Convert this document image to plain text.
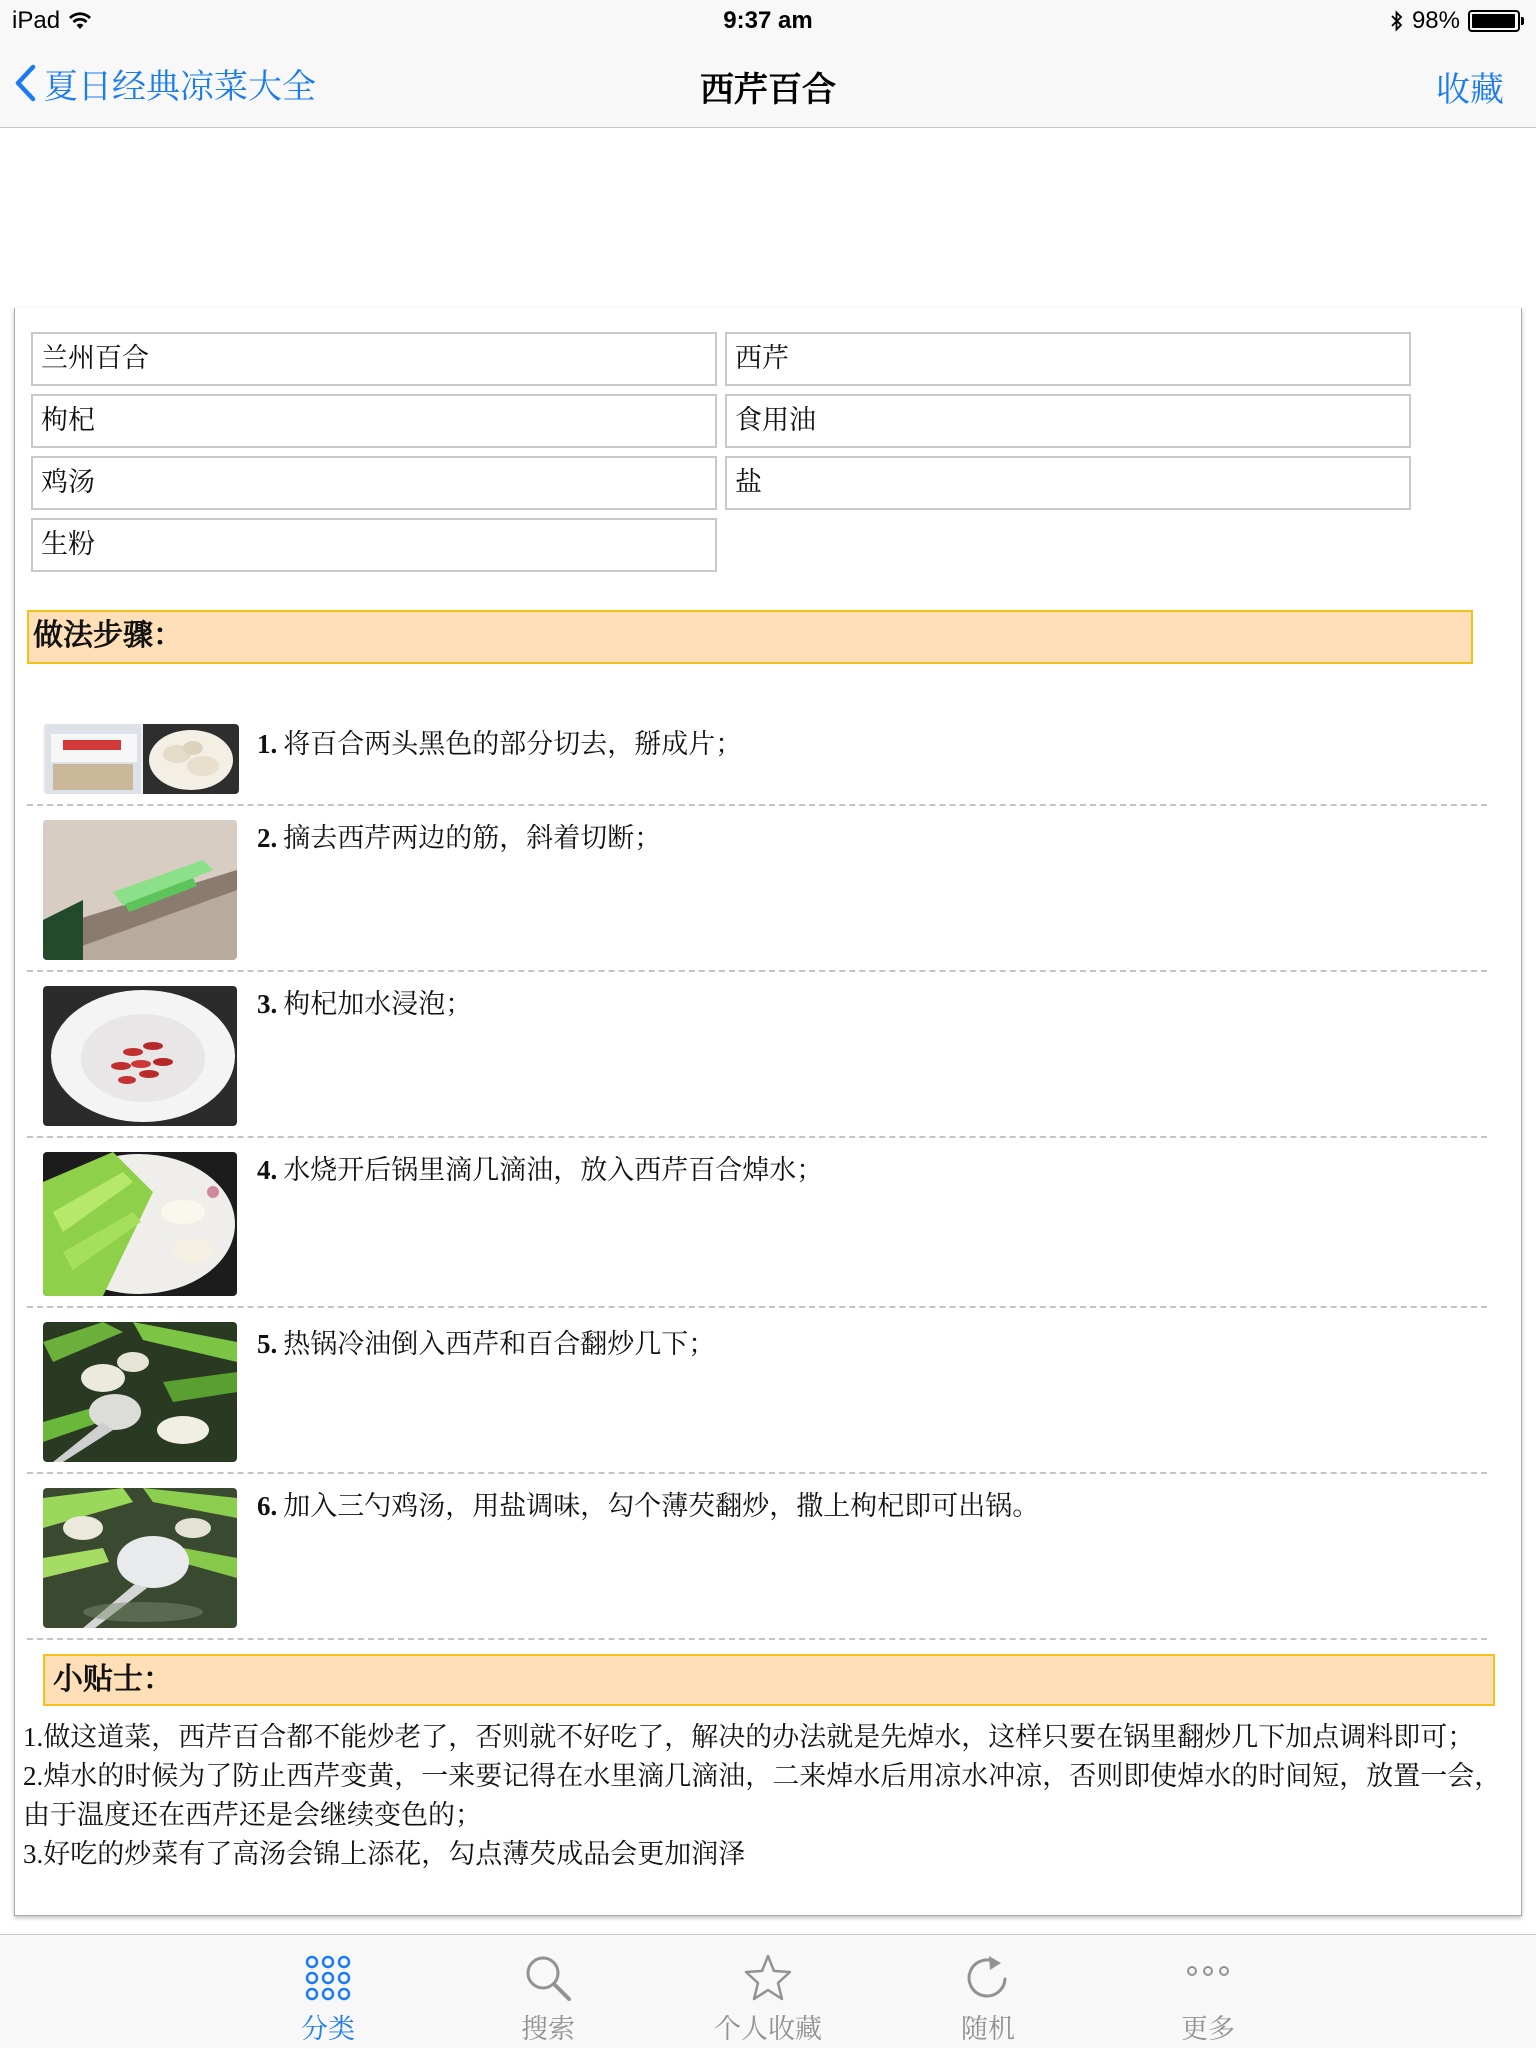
iPad	9:37 am	98%
夏日经典凉菜大全	西芹百合	收藏
兰州百合	西芹
枸杞	食用油
鸡汤	盐
生粉
做法步骤：
1. 将百合两头黑色的部分切去，掰成片；
2. 摘去西芹两边的筋，斜着切断；
3. 枸杞加水浸泡；
4. 水烧开后锅里滴几滴油，放入西芹百合焯水；
5. 热锅冷油倒入西芹和百合翻炒几下；
6. 加入三勺鸡汤，用盐调味，勾个薄芡翻炒，撒上枸杞即可出锅。
小贴士：
1.做这道菜，西芹百合都不能炒老了，否则就不好吃了，解决的办法就是先焯水，这样只要在锅里翻炒几下加点调料即可；
2.焯水的时候为了防止西芹变黄，一来要记得在水里滴几滴油，二来焯水后用凉水冲凉，否则即使焯水的时间短，放置一会，由于温度还在西芹还是会继续变色的；
3.好吃的炒菜有了高汤会锦上添花，勾点薄芡成品会更加润泽
分类	搜索	个人收藏	随机	更多
